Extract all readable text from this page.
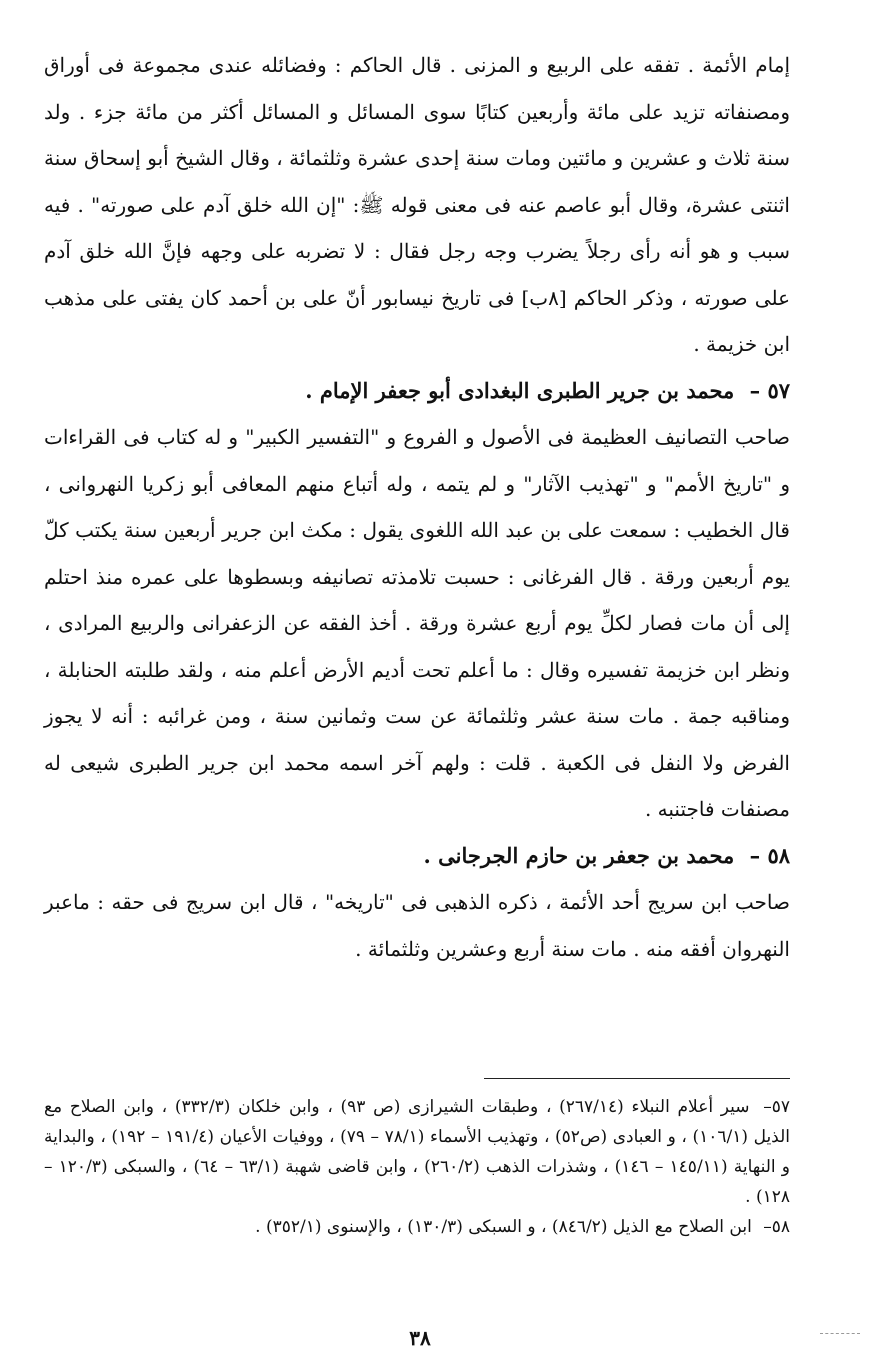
إمام الأئمة . تفقه على الربيع و المزنى . قال الحاكم : وفضائله عندى مجموعة فى أوراق ومصنفاته تزيد على مائة وأربعين كتابًا سوى المسائل و المسائل أكثر من مائة جزء . ولد سنة ثلاث و عشرين و مائتين ومات سنة إحدى عشرة وثلثمائة ، وقال الشيخ أبو إسحاق سنة اثنتى عشرة، وقال أبو عاصم عنه فى معنى قوله ﷺ: "إن الله خلق آدم على صورته" . فيه سبب و هو أنه رأى رجلاً يضرب وجه رجل فقال : لا تضربه على وجهه فإنَّ الله خلق آدم على صورته ، وذكر الحاكم [٨ب] فى تاريخ نيسابور أنّ على بن أحمد كان يفتى على مذهب ابن خزيمة .

٥٧ – محمد بن جرير الطبرى البغدادى أبو جعفر الإمام .

صاحب التصانيف العظيمة فى الأصول و الفروع و "التفسير الكبير" و له كتاب فى القراءات و "تاريخ الأمم" و "تهذيب الآثار" و لم يتمه ، وله أتباع منهم المعافى أبو زكريا النهروانى ، قال الخطيب : سمعت على بن عبد الله اللغوى يقول : مكث ابن جرير أربعين سنة يكتب كلّ يوم أربعين ورقة . قال الفرغانى : حسبت تلامذته تصانيفه وبسطوها على عمره منذ احتلم إلى أن مات فصار لكلِّ يوم أربع عشرة ورقة . أخذ الفقه عن الزعفرانى والربيع المرادى ، ونظر ابن خزيمة تفسيره وقال : ما أعلم تحت أديم الأرض أعلم منه ، ولقد طلبته الحنابلة ، ومناقبه جمة . مات سنة عشر وثلثمائة عن ست وثمانين سنة ، ومن غرائبه : أنه لا يجوز الفرض ولا النفل فى الكعبة . قلت : ولهم آخر اسمه محمد ابن جرير الطبرى شيعى له مصنفات فاجتنبه .

٥٨ – محمد بن جعفر بن حازم الجرجانى .

صاحب ابن سريج أحد الأئمة ، ذكره الذهبى فى "تاريخه" ، قال ابن سريج فى حقه : ماعبر النهروان أفقه منه . مات سنة أربع وعشرين وثلثمائة .

٥٧– سير أعلام النبلاء (٢٦٧/١٤) ، وطبقات الشيرازى (ص ٩٣) ، وابن خلكان (٣٣٢/٣) ، وابن الصلاح مع الذيل (١٠٦/١) ، و العبادى (ص٥٢) ، وتهذيب الأسماء (٧٨/١ – ٧٩) ، ووفيات الأعيان (١٩١/٤ – ١٩٢) ، والبداية و النهاية (١٤٥/١١ – ١٤٦) ، وشذرات الذهب (٢٦٠/٢) ، وابن قاضى شهبة (٦٣/١ – ٦٤) ، والسبكى (١٢٠/٣ – ١٢٨) .

٥٨– ابن الصلاح مع الذيل (٨٤٦/٢) ، و السبكى (١٣٠/٣) ، والإسنوى (٣٥٢/١) .

٣٨
